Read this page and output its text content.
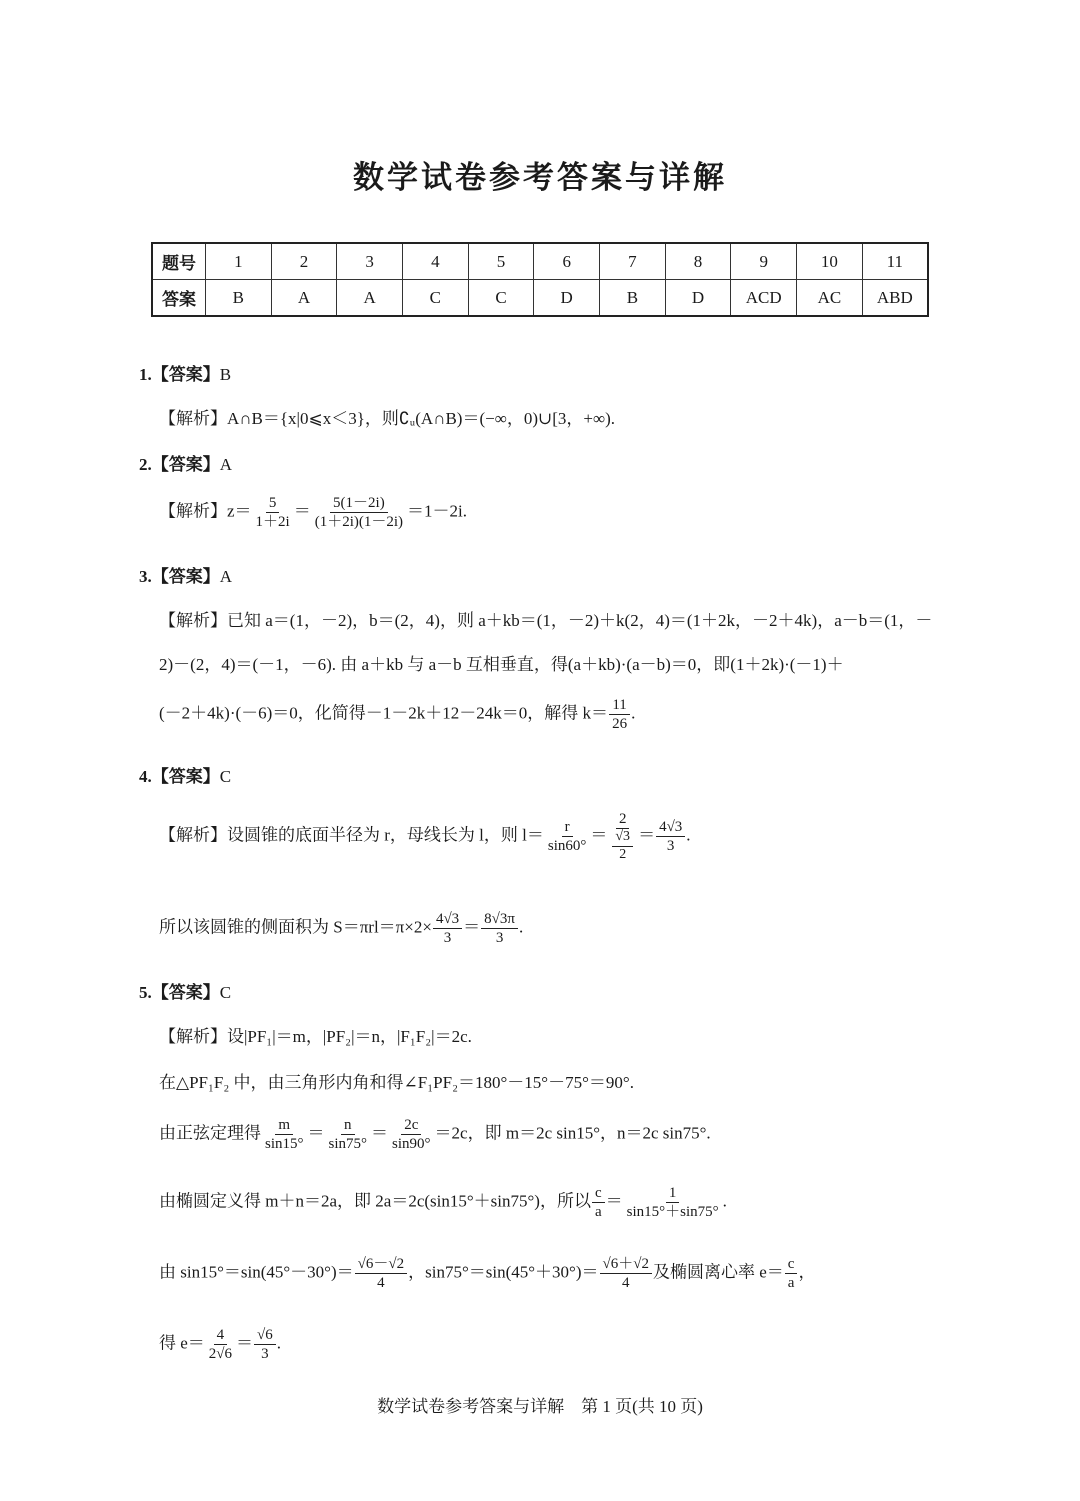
数学试卷参考答案与详解
题号	1	2	3	4	5	6	7	8	9	10	11
答案	B	A	A	C	C	D	B	D	ACD	AC	ABD
1.【答案】B
【解析】A∩B＝{x|0⩽x＜3}，则∁ᵤ(A∩B)＝(−∞，0)∪[3，+∞).
2.【答案】A
【解析】$z= \frac{5}{1+2i} = \frac{5(1-2i)}{(1+2i)(1-2i)} =1-2i$.
3.【答案】A
【解析】已知 a＝(1，－2)，b＝(2，4)，则 a＋kb＝(1，－2)＋k(2，4)＝(1＋2k，－2＋4k)，a－b＝(1，－
2)－(2，4)＝(－1，－6). 由 a＋kb 与 a－b 互相垂直，得(a＋kb)·(a－b)＝0，即(1＋2k)·(－1)＋
(－2＋4k)·(－6)＝0，化简得－1－2k＋12－24k＝0，解得 $k= \frac{11}{26}$ .
4.【答案】C
【解析】设圆锥的底面半径为 r，母线长为 l，则 $l= \frac{r}{\sin 60^\circ} = \frac{2}{\frac{√3}{2}} = \frac{4√3}{3}$ .
所以该圆锥的侧面积为 $S=\pi rl=\pi\times 2\times \frac{4√3}{3} = \frac{8√3\pi}{3}$ .
5.【答案】C
【解析】设|PF₁|＝m，|PF₂|＝n，|F₁F₂|＝2c.
在△PF₁F₂ 中，由三角形内角和得∠F₁PF₂＝180°－15°－75°＝90°.
由正弦定理得 $\frac{m}{\sin 15^\circ} = \frac{n}{\sin 75^\circ} = \frac{2c}{\sin 90^\circ} =2c$，即 m＝2c sin15°，n＝2c sin75°.
由椭圆定义得 m＋n＝2a，即 2a＝2c(sin15°＋sin75°)，所以 $\frac{c}{a} = \frac{1}{\sin 15^\circ+\sin 75^\circ}$ .
由 $\sin 15^\circ=\sin(45^\circ-30^\circ)= \frac{√6-√2}{4}$ ，$\sin 75^\circ=\sin(45^\circ+30^\circ)= \frac{√6+√2}{4}$ 及椭圆离心率 $e= \frac{c}{a}$ ，
得 $e= \frac{4}{2√6} = \frac{√6}{3}$ .
数学试卷参考答案与详解　第 1 页(共 10 页)
